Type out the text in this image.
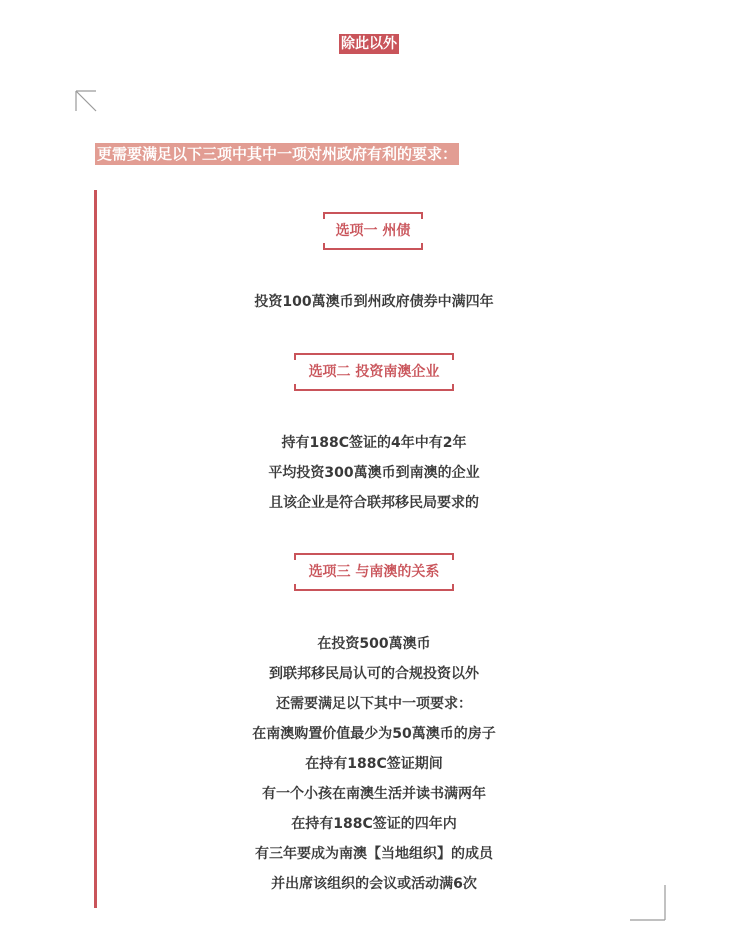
除此以外
更需要满足以下三项中其中一项对州政府有利的要求：
选项一 州债

投资100萬澳币到州政府债券中满四年

选项二 投资南澳企业

持有188C签证的4年中有2年

平均投资300萬澳币到南澳的企业

且该企业是符合联邦移民局要求的

选项三 与南澳的关系

在投资500萬澳币

到联邦移民局认可的合规投资以外

还需要满足以下其中一项要求：

在南澳购置价值最少为50萬澳币的房子

在持有188C签证期间

有一个小孩在南澳生活并读书满两年

在持有188C签证的四年内

有三年要成为南澳【当地组织】的成员

并出席该组织的会议或活动满6次
